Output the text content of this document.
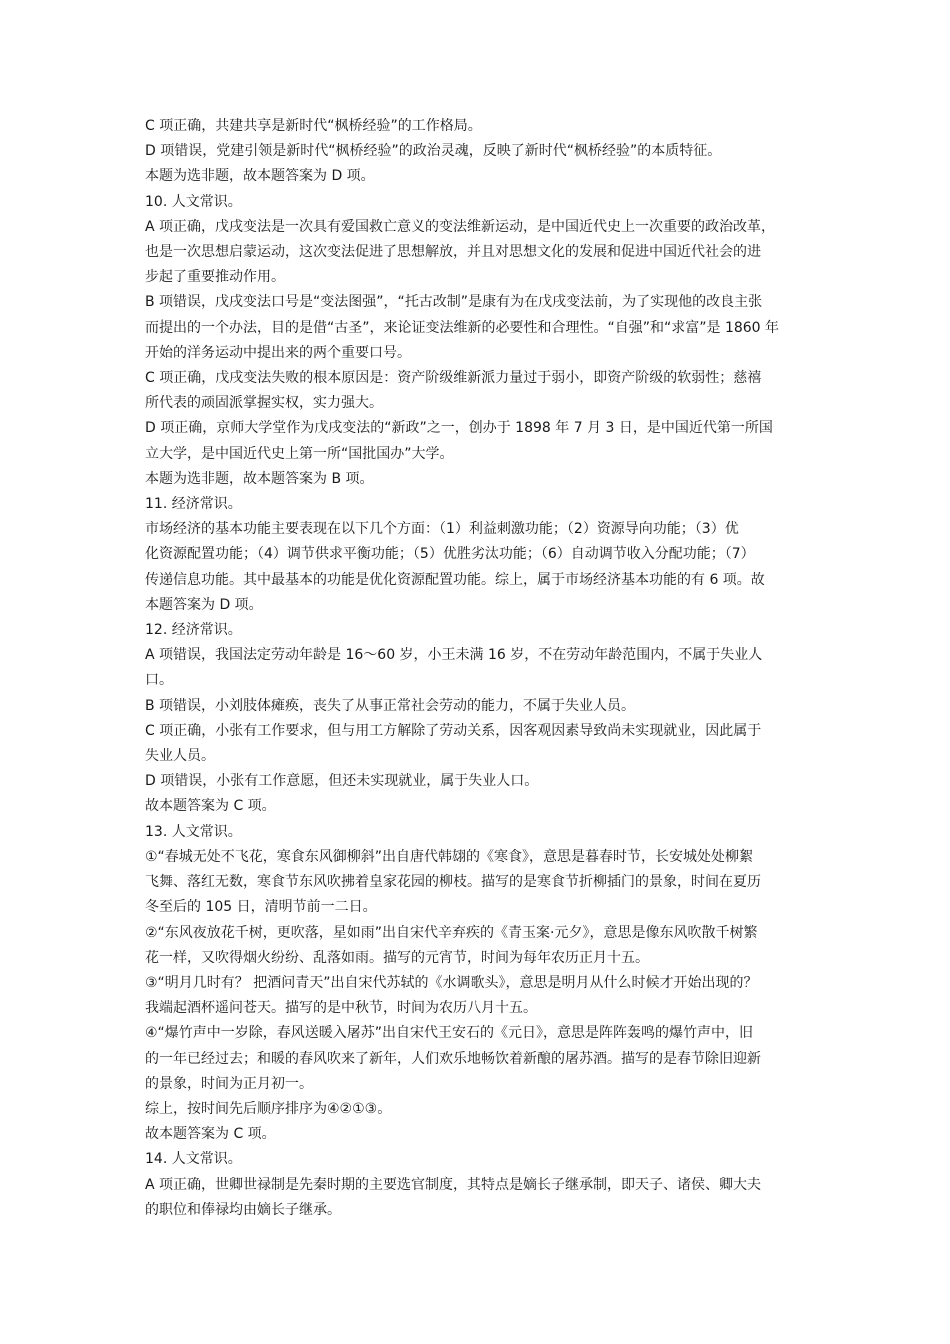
C 项正确，共建共享是新时代“枫桥经验”的工作格局。
D 项错误，党建引领是新时代“枫桥经验”的政治灵魂，反映了新时代“枫桥经验”的本质特征。
本题为选非题，故本题答案为 D 项。
10. 人文常识。
A 项正确，戊戌变法是一次具有爱国救亡意义的变法维新运动，是中国近代史上一次重要的政治改革，
也是一次思想启蒙运动，这次变法促进了思想解放，并且对思想文化的发展和促进中国近代社会的进
步起了重要推动作用。
B 项错误，戊戌变法口号是“变法图强”，“托古改制”是康有为在戊戌变法前，为了实现他的改良主张
而提出的一个办法，目的是借“古圣”，来论证变法维新的必要性和合理性。“自强”和“求富”是 1860 年
开始的洋务运动中提出来的两个重要口号。
C 项正确，戊戌变法失败的根本原因是：资产阶级维新派力量过于弱小，即资产阶级的软弱性；慈禧
所代表的顽固派掌握实权，实力强大。
D 项正确，京师大学堂作为戊戌变法的“新政”之一，创办于 1898 年 7 月 3 日，是中国近代第一所国
立大学，是中国近代史上第一所“国批国办”大学。
本题为选非题，故本题答案为 B 项。
11. 经济常识。
市场经济的基本功能主要表现在以下几个方面：（1）利益刺激功能；（2）资源导向功能；（3）优
化资源配置功能；（4）调节供求平衡功能；（5）优胜劣汰功能；（6）自动调节收入分配功能；（7）
传递信息功能。其中最基本的功能是优化资源配置功能。综上，属于市场经济基本功能的有 6 项。故
本题答案为 D 项。
12. 经济常识。
A 项错误，我国法定劳动年龄是 16～60 岁，小王未满 16 岁，不在劳动年龄范围内，不属于失业人
口。
B 项错误，小刘肢体瘫痪，丧失了从事正常社会劳动的能力，不属于失业人员。
C 项正确，小张有工作要求，但与用工方解除了劳动关系，因客观因素导致尚未实现就业，因此属于
失业人员。
D 项错误，小张有工作意愿，但还未实现就业，属于失业人口。
故本题答案为 C 项。
13. 人文常识。
①“春城无处不飞花，寒食东风御柳斜”出自唐代韩翃的《寒食》，意思是暮春时节，长安城处处柳絮
飞舞、落红无数，寒食节东风吹拂着皇家花园的柳枝。描写的是寒食节折柳插门的景象，时间在夏历
冬至后的 105 日，清明节前一二日。
②“东风夜放花千树，更吹落，星如雨”出自宋代辛弃疾的《青玉案·元夕》，意思是像东风吹散千树繁
花一样，又吹得烟火纷纷、乱落如雨。描写的元宵节，时间为每年农历正月十五。
③“明月几时有？ 把酒问青天”出自宋代苏轼的《水调歌头》，意思是明月从什么时候才开始出现的？
我端起酒杯遥问苍天。描写的是中秋节，时间为农历八月十五。
④“爆竹声中一岁除，春风送暖入屠苏”出自宋代王安石的《元日》，意思是阵阵轰鸣的爆竹声中，旧
的一年已经过去；和暖的春风吹来了新年，人们欢乐地畅饮着新酿的屠苏酒。描写的是春节除旧迎新
的景象，时间为正月初一。
综上，按时间先后顺序排序为④②①③。
故本题答案为 C 项。
14. 人文常识。
A 项正确，世卿世禄制是先秦时期的主要选官制度，其特点是嫡长子继承制，即天子、诸侯、卿大夫
的职位和俸禄均由嫡长子继承。
